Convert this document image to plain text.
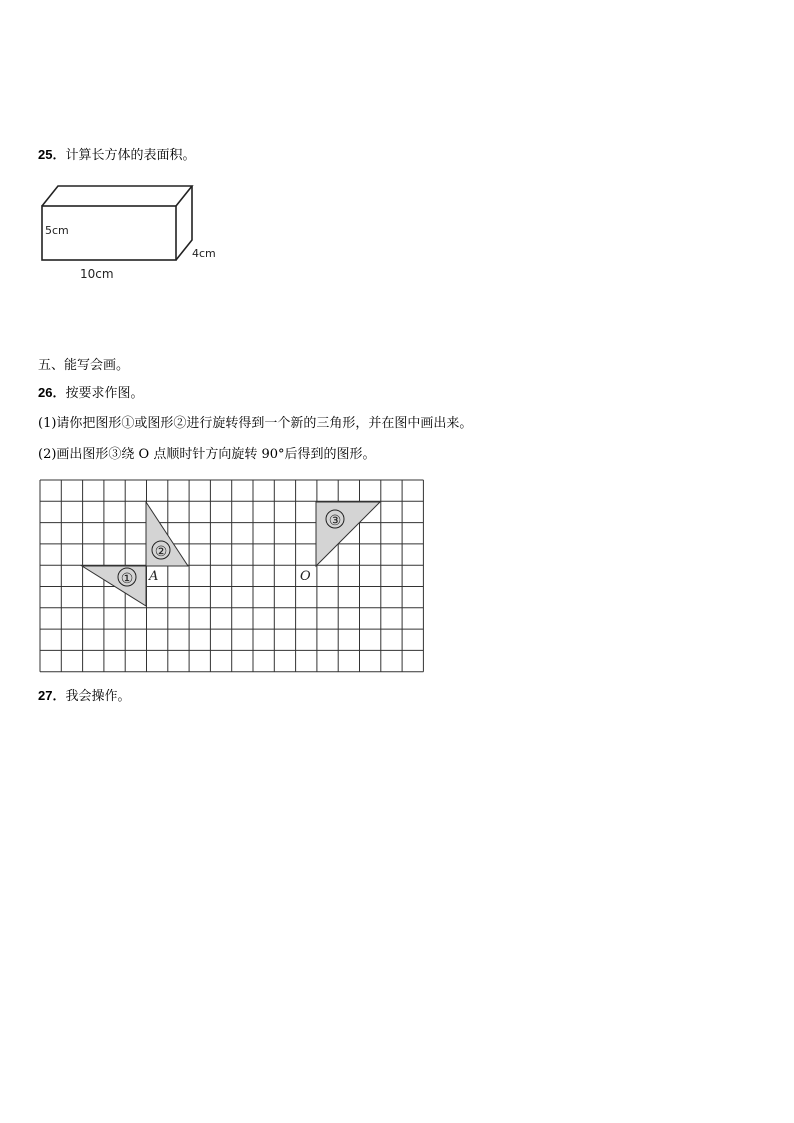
25．计算长方体的表面积。
5cm
4cm
10cm
五、能写会画。
26．按要求作图。
(1)请你把图形①或图形②进行旋转得到一个新的三角形，并在图中画出来。
(2)画出图形③绕 O 点顺时针方向旋转 90°后得到的图形。
①
②
③
A	O
27．我会操作。
